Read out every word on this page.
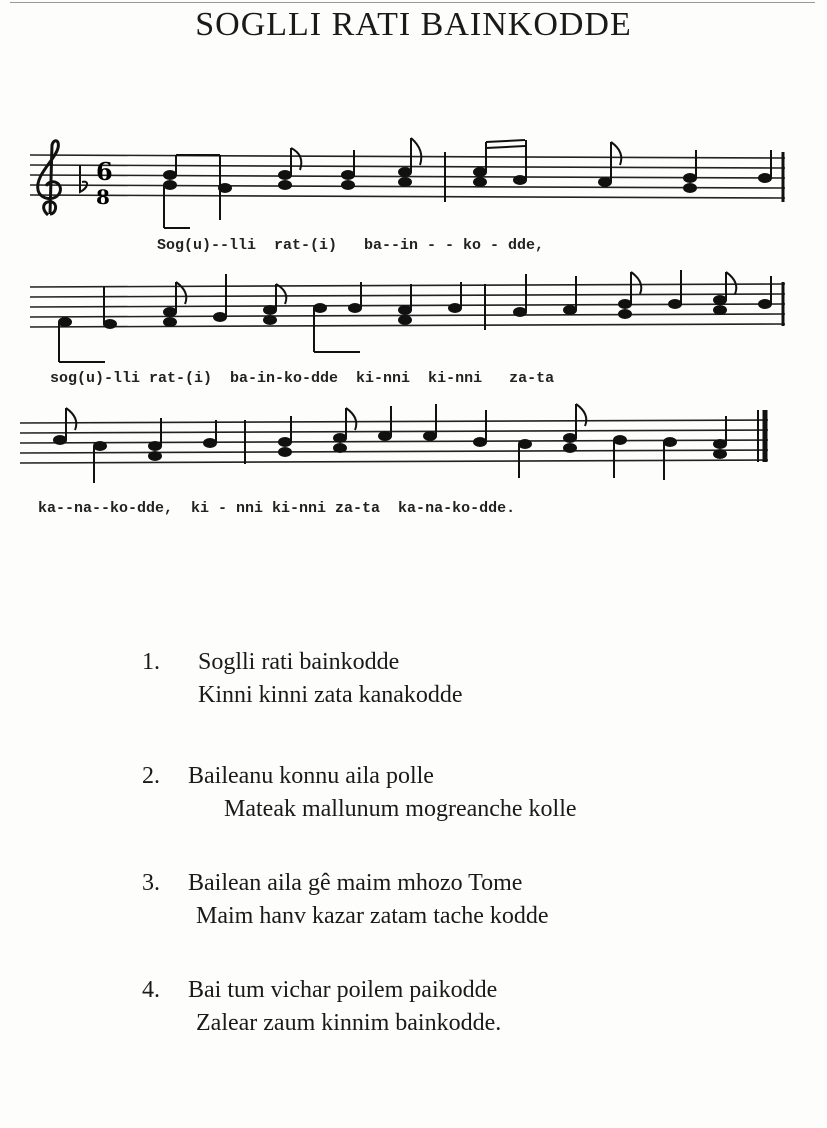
SOGLLI RATI BAINKODDE
6
8
Sog(u)--lli  rat-(i)   ba--in - - ko - dde,
sog(u)-lli rat-(i)  ba-in-ko-dde  ki-nni  ki-nni   za-ta
ka--na--ko-dde,  ki - nni ki-nni za-ta  ka-na-ko-dde.
1. Soglli rati bainkodde
Kinni kinni zata kanakodde
2. Baileanu konnu aila polle
Mateak mallunum mogreanche kolle
3. Bailean aila gê maim mhozo Tome
Maim hanv kazar zatam tache kodde
4. Bai tum vichar poilem paikodde
Zalear zaum kinnim bainkodde.
